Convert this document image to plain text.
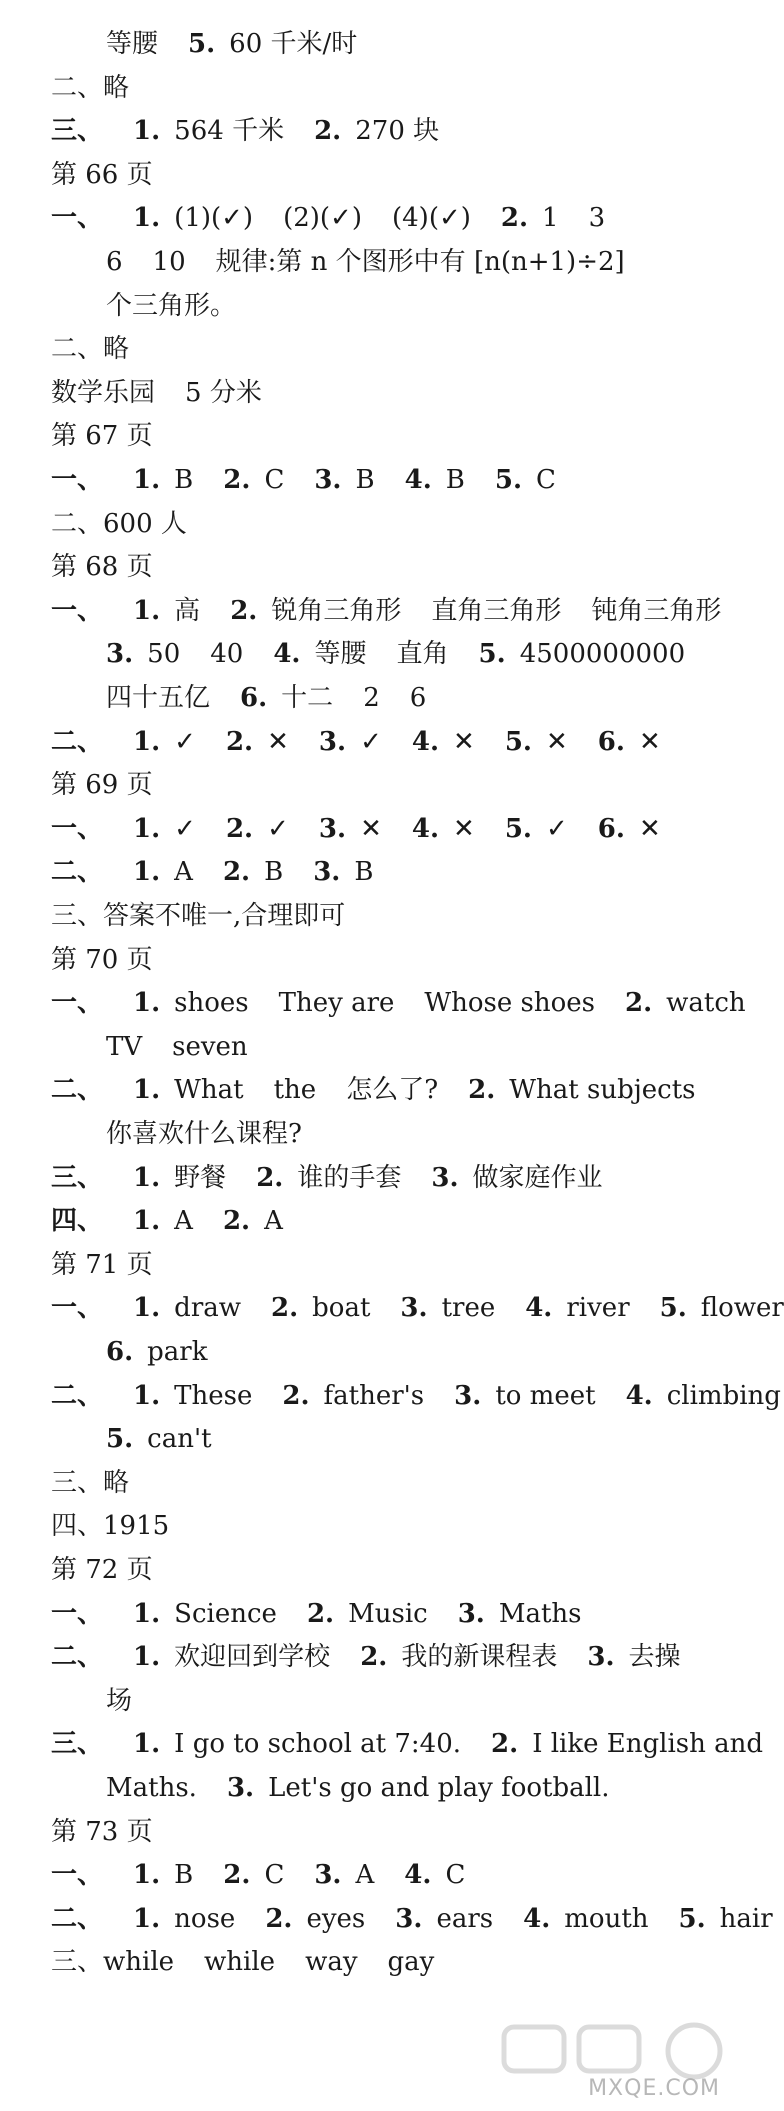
等腰 5. 60 千米/时
二、略
三、 1. 564 千米 2. 270 块
第 66 页
一、 1. (1)(✓) (2)(✓) (4)(✓) 2. 1 3
6 10 规律:第 n 个图形中有 [n(n+1)÷2]
个三角形。
二、略
数学乐园 5 分米
第 67 页
一、 1. B 2. C 3. B 4. B 5. C
二、600 人
第 68 页
一、 1. 高 2. 锐角三角形 直角三角形 钝角三角形
3. 50 40 4. 等腰 直角 5. 4500000000
四十五亿 6. 十二 2 6
二、 1. ✓ 2. ✕ 3. ✓ 4. ✕ 5. ✕ 6. ✕
第 69 页
一、 1. ✓ 2. ✓ 3. ✕ 4. ✕ 5. ✓ 6. ✕
二、 1. A 2. B 3. B
三、答案不唯一,合理即可
第 70 页
一、 1. shoes They are Whose shoes 2. watch
TV seven
二、 1. What the 怎么了? 2. What subjects
你喜欢什么课程?
三、 1. 野餐 2. 谁的手套 3. 做家庭作业
四、 1. A 2. A
第 71 页
一、 1. draw 2. boat 3. tree 4. river 5. flower
6. park
二、 1. These 2. father's 3. to meet 4. climbing
5. can't
三、略
四、1915
第 72 页
一、 1. Science 2. Music 3. Maths
二、 1. 欢迎回到学校 2. 我的新课程表 3. 去操
场
三、 1. I go to school at 7:40. 2. I like English and
Maths. 3. Let's go and play football.
第 73 页
一、 1. B 2. C 3. A 4. C
二、 1. nose 2. eyes 3. ears 4. mouth 5. hair
三、while while way gay
MXQE.COM
